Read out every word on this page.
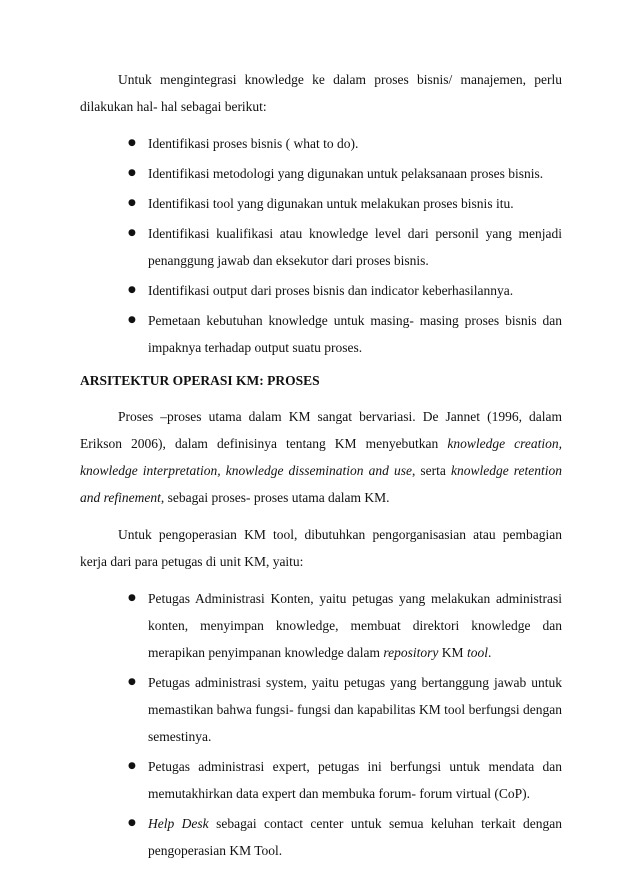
Untuk mengintegrasi knowledge ke dalam proses bisnis/ manajemen, perlu dilakukan hal- hal sebagai berikut:

● Identifikasi proses bisnis ( what to do).
● Identifikasi metodologi yang digunakan untuk pelaksanaan proses bisnis.
● Identifikasi tool yang digunakan untuk melakukan proses bisnis itu.
● Identifikasi kualifikasi atau knowledge level dari personil yang menjadi penanggung jawab dan eksekutor dari proses bisnis.
● Identifikasi output dari proses bisnis dan indicator keberhasilannya.
● Pemetaan kebutuhan knowledge untuk masing- masing proses bisnis dan impaknya terhadap output suatu proses.
ARSITEKTUR OPERASI KM: PROSES

Proses –proses utama dalam KM sangat bervariasi. De Jannet (1996, dalam Erikson 2006), dalam definisinya tentang KM menyebutkan knowledge creation, knowledge interpretation, knowledge dissemination and use, serta knowledge retention and refinement, sebagai proses- proses utama dalam KM.

Untuk pengoperasian KM tool, dibutuhkan pengorganisasian atau pembagian kerja dari para petugas di unit KM, yaitu:

● Petugas Administrasi Konten, yaitu petugas yang melakukan administrasi konten, menyimpan knowledge, membuat direktori knowledge dan merapikan penyimpanan knowledge dalam repository KM tool.
● Petugas administrasi system, yaitu petugas yang bertanggung jawab untuk memastikan bahwa fungsi- fungsi dan kapabilitas KM tool berfungsi dengan semestinya.
● Petugas administrasi expert, petugas ini berfungsi untuk mendata dan memutakhirkan data expert dan membuka forum- forum virtual (CoP).
● Help Desk sebagai contact center untuk semua keluhan terkait dengan pengoperasian KM Tool.
